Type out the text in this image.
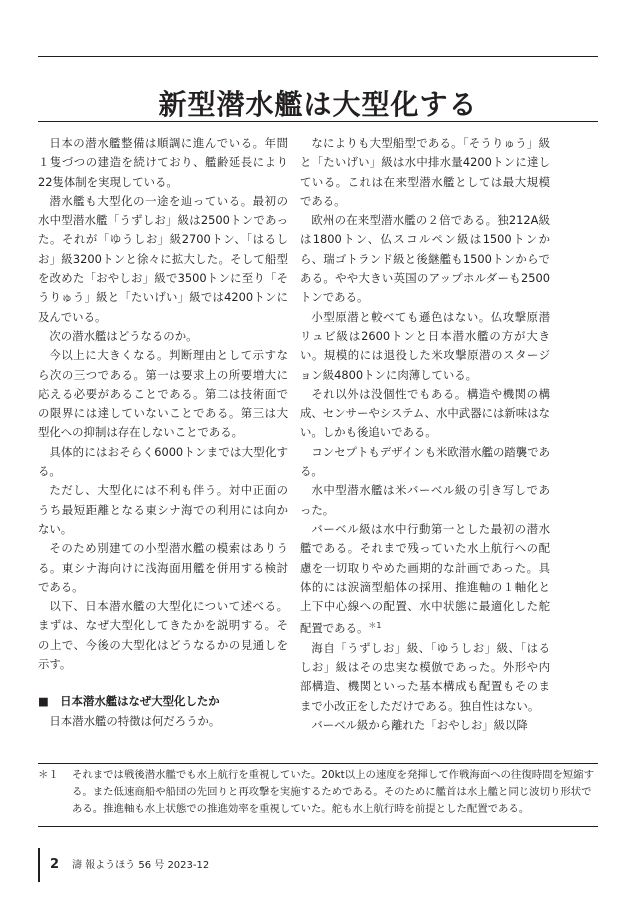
新型潜水艦は大型化する

日本の潜水艦整備は順調に進んでいる。年間１隻づつの建造を続けており、艦齢延長により22隻体制を実現している。

潜水艦も大型化の一途を辿っている。最初の水中型潜水艦「うずしお」級は2500トンであった。それが「ゆうしお」級2700トン、「はるしお」級3200トンと徐々に拡大した。そして船型を改めた「おやしお」級で3500トンに至り「そうりゅう」級と「たいげい」級では4200トンに及んでいる。

次の潜水艦はどうなるのか。

今以上に大きくなる。判断理由として示すなら次の三つである。第一は要求上の所要増大に応える必要があることである。第二は技術面での限界には達していないことである。第三は大型化への抑制は存在しないことである。

具体的にはおそらく6000トンまでは大型化する。

ただし、大型化には不利も伴う。対中正面のうち最短距離となる東シナ海での利用には向かない。

そのため別建ての小型潜水艦の模索はありうる。東シナ海向けに浅海面用艦を併用する検討である。

以下、日本潜水艦の大型化について述べる。まずは、なぜ大型化してきたかを説明する。その上で、今後の大型化はどうなるかの見通しを示す。

■　日本潜水艦はなぜ大型化したか

日本潜水艦の特徴は何だろうか。

なによりも大型船型である。「そうりゅう」級と「たいげい」級は水中排水量4200トンに達している。これは在来型潜水艦としては最大規模である。

欧州の在来型潜水艦の２倍である。独212A級は1800トン、仏スコルペン級は1500トンから、瑞ゴトランド級と後継艦も1500トンからである。やや大きい英国のアップホルダーも2500トンである。

小型原潜と較べても遜色はない。仏攻撃原潜リュビ級は2600トンと日本潜水艦の方が大きい。規模的には退役した米攻撃原潜のスタージョン級4800トンに肉薄している。

それ以外は没個性でもある。構造や機関の構成、センサーやシステム、水中武器には新味はない。しかも後追いである。

コンセプトもデザインも米欧潜水艦の踏襲である。

水中型潜水艦は米バーベル級の引き写しであった。

バーベル級は水中行動第一とした最初の潜水艦である。それまで残っていた水上航行への配慮を一切取りやめた画期的な計画であった。具体的には涙滴型船体の採用、推進軸の１軸化と上下中心線への配置、水中状態に最適化した舵配置である。$^{*1}$

海自「うずしお」級、「ゆうしお」級、「はるしお」級はその忠実な模倣であった。外形や内部構造、機関といった基本構成も配置もそのままで小改正をしただけである。独自性はない。

バーベル級から離れた「おやしお」級以降

＊１	それまでは戦後潜水艦でも水上航行を重視していた。20kt以上の速度を発揮して作戦海面への往復時間を短縮する。また低速商船や船団の先回りと再攻撃を実施するためである。そのために艦首は水上艦と同じ波切り形状である。推進軸も水上状態での推進効率を重視していた。舵も水上航行時を前提とした配置である。
2 濤 報ようほう 56 号 2023-12
